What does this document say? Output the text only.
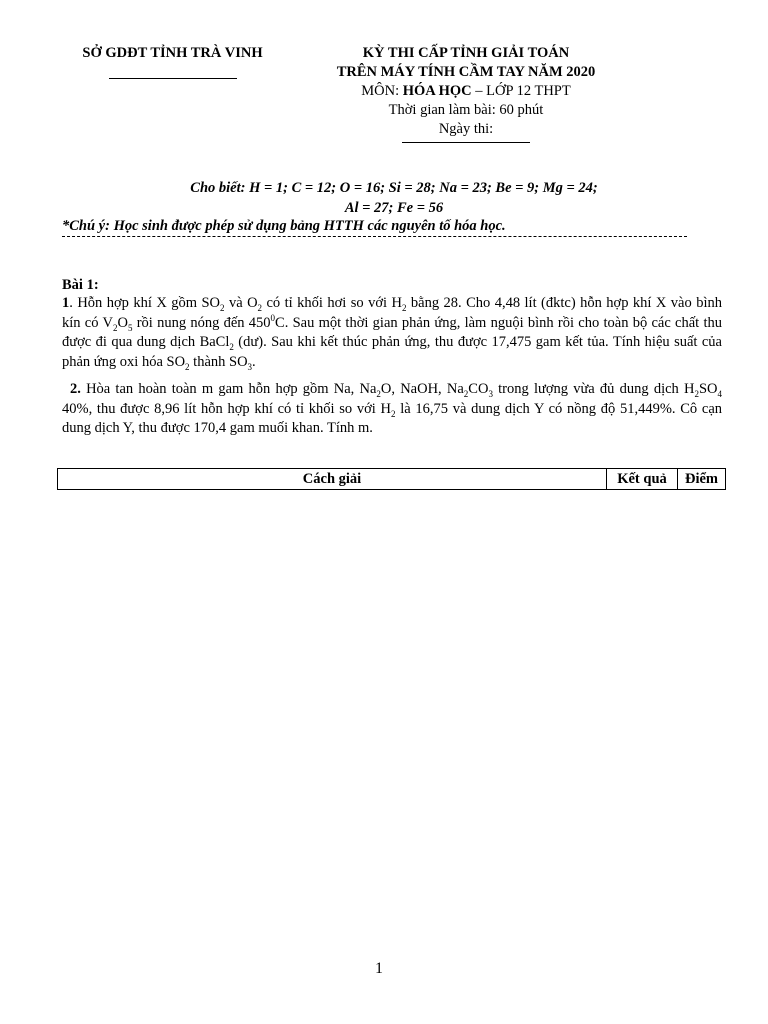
SỞ GDĐT TỈNH TRÀ VINH	KỲ THI CẤP TỈNH GIẢI TOÁN
TRÊN MÁY TÍNH CẦM TAY NĂM 2020
MÔN: HÓA HỌC – LỚP 12 THPT
Thời gian làm bài: 60 phút
Ngày thi:
Cho biết: H = 1; C = 12; O = 16; Si = 28; Na = 23; Be = 9; Mg = 24;
Al = 27; Fe = 56
*Chú ý: Học sinh được phép sử dụng bảng HTTH các nguyên tố hóa học.
Bài 1:
1. Hỗn hợp khí X gồm $SO_2$ và $O_2$ có tỉ khối hơi so với $H_2$ bằng 28. Cho 4,48 lít (đktc) hỗn hợp khí X vào bình kín có $V_2O_5$ rồi nung nóng đến $450^0C$. Sau một thời gian phản ứng, làm nguội bình rồi cho toàn bộ các chất thu được đi qua dung dịch BaCl$_2$ (dư). Sau khi kết thúc phản ứng, thu được 17,475 gam kết tủa. Tính hiệu suất của phản ứng oxi hóa $SO_2$ thành $SO_3$.
2. Hòa tan hoàn toàn m gam hỗn hợp gồm Na, $Na_2O$, NaOH, $Na_2CO_3$ trong lượng vừa đủ dung dịch $H_2SO_4$ 40%, thu được 8,96 lít hỗn hợp khí có tỉ khối so với $H_2$ là 16,75 và dung dịch Y có nồng độ 51,449%. Cô cạn dung dịch Y, thu được 170,4 gam muối khan. Tính m.
Cách giải	Kết quả	Điểm
1
